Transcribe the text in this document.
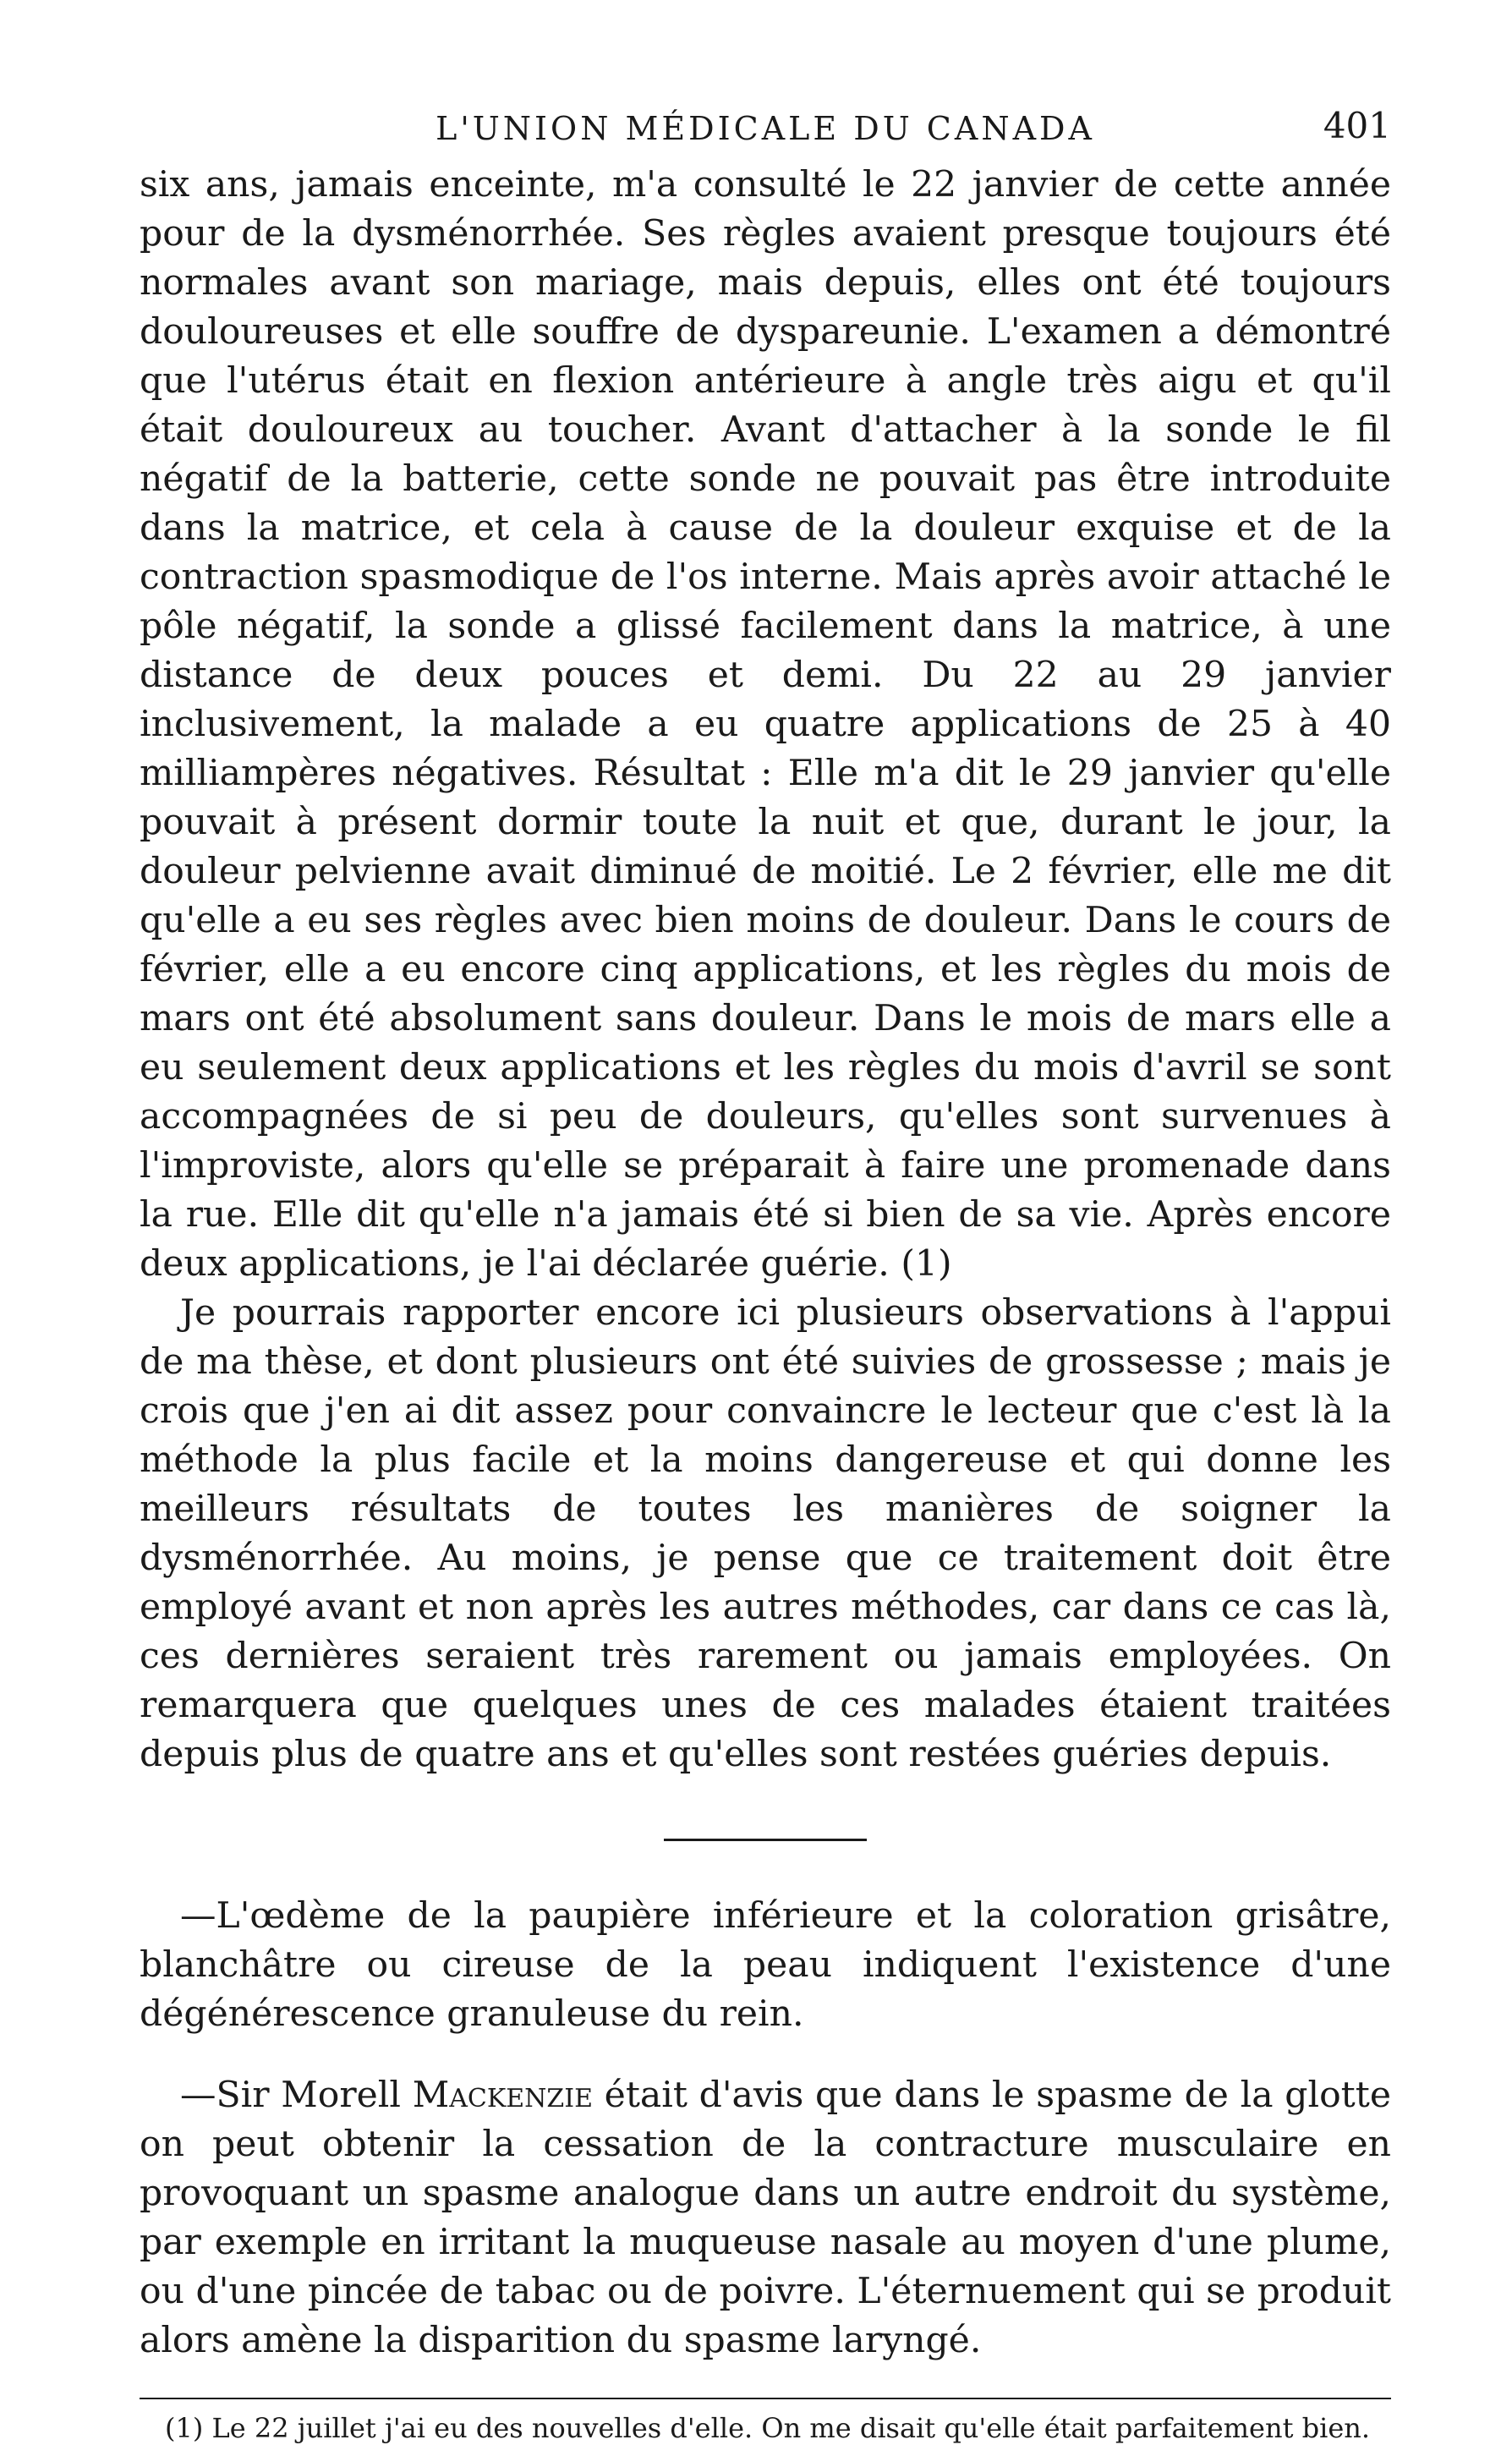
L'UNION MÉDICALE DU CANADA	401

six ans, jamais enceinte, m'a consulté le 22 janvier de cette année pour de la dysménorrhée. Ses règles avaient presque toujours été normales avant son mariage, mais depuis, elles ont été toujours douloureuses et elle souffre de dyspareunie. L'examen a démontré que l'utérus était en flexion antérieure à angle très aigu et qu'il était douloureux au toucher. Avant d'attacher à la sonde le fil négatif de la batterie, cette sonde ne pouvait pas être introduite dans la matrice, et cela à cause de la douleur exquise et de la contraction spasmodique de l'os interne. Mais après avoir attaché le pôle négatif, la sonde a glissé facilement dans la matrice, à une distance de deux pouces et demi. Du 22 au 29 janvier inclusivement, la malade a eu quatre applications de 25 à 40 milliampères négatives. Résultat : Elle m'a dit le 29 janvier qu'elle pouvait à présent dormir toute la nuit et que, durant le jour, la douleur pelvienne avait diminué de moitié. Le 2 février, elle me dit qu'elle a eu ses règles avec bien moins de douleur. Dans le cours de février, elle a eu encore cinq applications, et les règles du mois de mars ont été absolument sans douleur. Dans le mois de mars elle a eu seulement deux applications et les règles du mois d'avril se sont accompagnées de si peu de douleurs, qu'elles sont survenues à l'improviste, alors qu'elle se préparait à faire une promenade dans la rue. Elle dit qu'elle n'a jamais été si bien de sa vie. Après encore deux applications, je l'ai déclarée guérie. (1)

Je pourrais rapporter encore ici plusieurs observations à l'appui de ma thèse, et dont plusieurs ont été suivies de grossesse ; mais je crois que j'en ai dit assez pour convaincre le lecteur que c'est là la méthode la plus facile et la moins dangereuse et qui donne les meilleurs résultats de toutes les manières de soigner la dysménorrhée. Au moins, je pense que ce traitement doit être employé avant et non après les autres méthodes, car dans ce cas là, ces dernières seraient très rarement ou jamais employées. On remarquera que quelques unes de ces malades étaient traitées depuis plus de quatre ans et qu'elles sont restées guéries depuis.

—L'œdème de la paupière inférieure et la coloration grisâtre, blanchâtre ou cireuse de la peau indiquent l'existence d'une dégénérescence granuleuse du rein.

—Sir Morell Mackenzie était d'avis que dans le spasme de la glotte on peut obtenir la cessation de la contracture musculaire en provoquant un spasme analogue dans un autre endroit du système, par exemple en irritant la muqueuse nasale au moyen d'une plume, ou d'une pincée de tabac ou de poivre. L'éternuement qui se produit alors amène la disparition du spasme laryngé.

(1) Le 22 juillet j'ai eu des nouvelles d'elle. On me disait qu'elle était parfaitement bien.
